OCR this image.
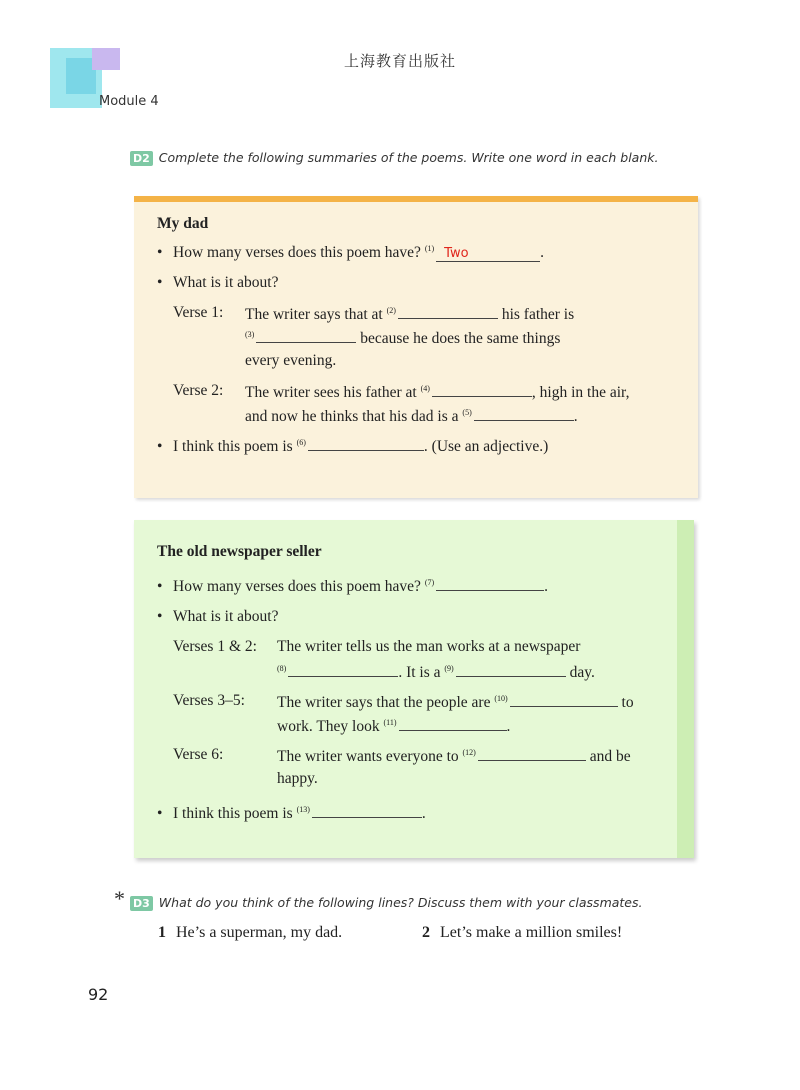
上海教育出版社
Module 4
D2 Complete the following summaries of the poems. Write one word in each blank.
My dad
• How many verses does this poem have? $^{(1)}$ Two	.
• What is it about?
Verse 1: The writer says that at $^{(2)}$	his father is
$^{(3)}$	because he does the same things
every evening.
Verse 2: The writer sees his father at $^{(4)}$	, high in the air,
and now he thinks that his dad is a $^{(5)}$	.
• I think this poem is $^{(6)}$	. (Use an adjective.)
The old newspaper seller
• How many verses does this poem have? $^{(7)}$	.
• What is it about?
Verses 1 & 2: The writer tells us the man works at a newspaper
$^{(8)}$	. It is a $^{(9)}$	day.
Verses 3–5: The writer says that the people are $^{(10)}$	to
work. They look $^{(11)}$	.
Verse 6:	The writer wants everyone to $^{(12)}$	and be
happy.
• I think this poem is $^{(13)}$	.
* D3 What do you think of the following lines? Discuss them with your classmates.
1 He’s a superman, my dad.	2 Let’s make a million smiles!
92
